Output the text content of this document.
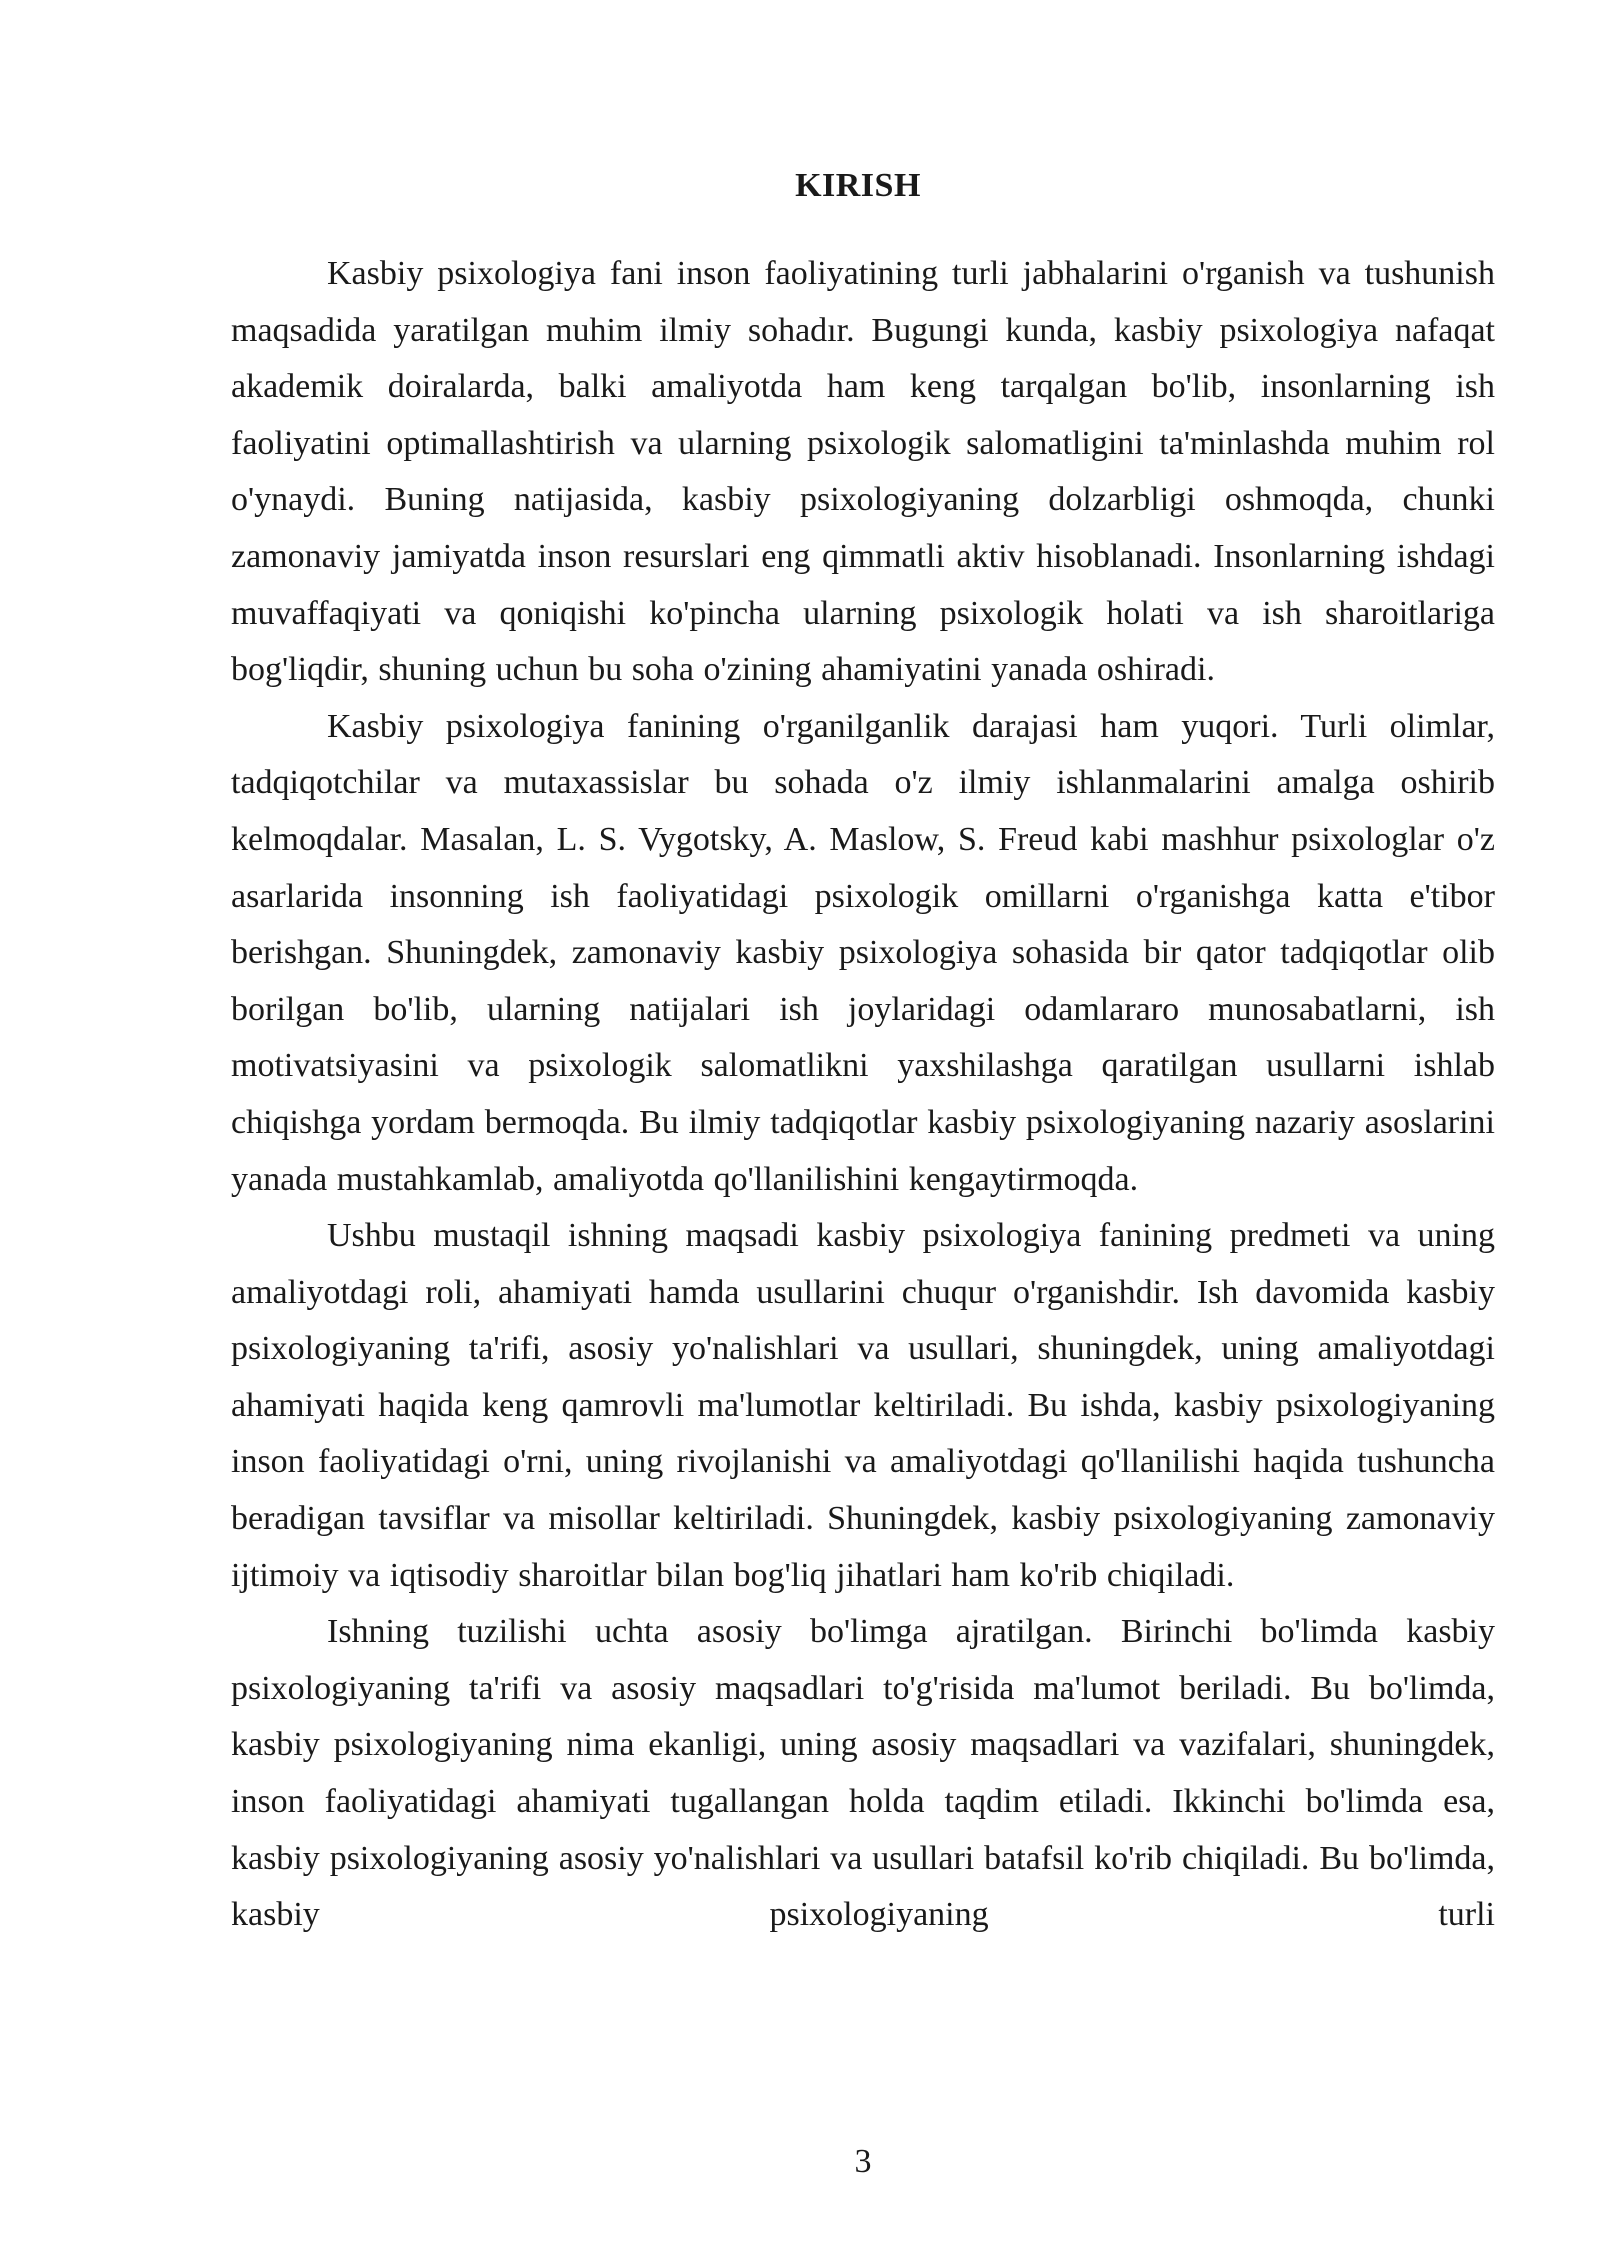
KIRISH

Kasbiy psixologiya fani inson faoliyatining turli jabhalarini o'rganish va tushunish maqsadida yaratilgan muhim ilmiy sohadır. Bugungi kunda, kasbiy psixologiya nafaqat akademik doiralarda, balki amaliyotda ham keng tarqalgan bo'lib, insonlarning ish faoliyatini optimallashtirish va ularning psixologik salomatligini ta'minlashda muhim rol o'ynaydi. Buning natijasida, kasbiy psixologiyaning dolzarbligi oshmoqda, chunki zamonaviy jamiyatda inson resurslari eng qimmatli aktiv hisoblanadi. Insonlarning ishdagi muvaffaqiyati va qoniqishi ko'pincha ularning psixologik holati va ish sharoitlariga bog'liqdir, shuning uchun bu soha o'zining ahamiyatini yanada oshiradi.

Kasbiy psixologiya fanining o'rganilganlik darajasi ham yuqori. Turli olimlar, tadqiqotchilar va mutaxassislar bu sohada o'z ilmiy ishlanmalarini amalga oshirib kelmoqdalar. Masalan, L. S. Vygotsky, A. Maslow, S. Freud kabi mashhur psixologlar o'z asarlarida insonning ish faoliyatidagi psixologik omillarni o'rganishga katta e'tibor berishgan. Shuningdek, zamonaviy kasbiy psixologiya sohasida bir qator tadqiqotlar olib borilgan bo'lib, ularning natijalari ish joylaridagi odamlararo munosabatlarni, ish motivatsiyasini va psixologik salomatlikni yaxshilashga qaratilgan usullarni ishlab chiqishga yordam bermoqda. Bu ilmiy tadqiqotlar kasbiy psixologiyaning nazariy asoslarini yanada mustahkamlab, amaliyotda qo'llanilishini kengaytirmoqda.

Ushbu mustaqil ishning maqsadi kasbiy psixologiya fanining predmeti va uning amaliyotdagi roli, ahamiyati hamda usullarini chuqur o'rganishdir. Ish davomida kasbiy psixologiyaning ta'rifi, asosiy yo'nalishlari va usullari, shuningdek, uning amaliyotdagi ahamiyati haqida keng qamrovli ma'lumotlar keltiriladi. Bu ishda, kasbiy psixologiyaning inson faoliyatidagi o'rni, uning rivojlanishi va amaliyotdagi qo'llanilishi haqida tushuncha beradigan tavsiflar va misollar keltiriladi. Shuningdek, kasbiy psixologiyaning zamonaviy ijtimoiy va iqtisodiy sharoitlar bilan bog'liq jihatlari ham ko'rib chiqiladi.

Ishning tuzilishi uchta asosiy bo'limga ajratilgan. Birinchi bo'limda kasbiy psixologiyaning ta'rifi va asosiy maqsadlari to'g'risida ma'lumot beriladi. Bu bo'limda, kasbiy psixologiyaning nima ekanligi, uning asosiy maqsadlari va vazifalari, shuningdek, inson faoliyatidagi ahamiyati tugallangan holda taqdim etiladi. Ikkinchi bo'limda esa, kasbiy psixologiyaning asosiy yo'nalishlari va usullari batafsil ko'rib chiqiladi. Bu bo'limda, kasbiy psixologiyaning turli

3
